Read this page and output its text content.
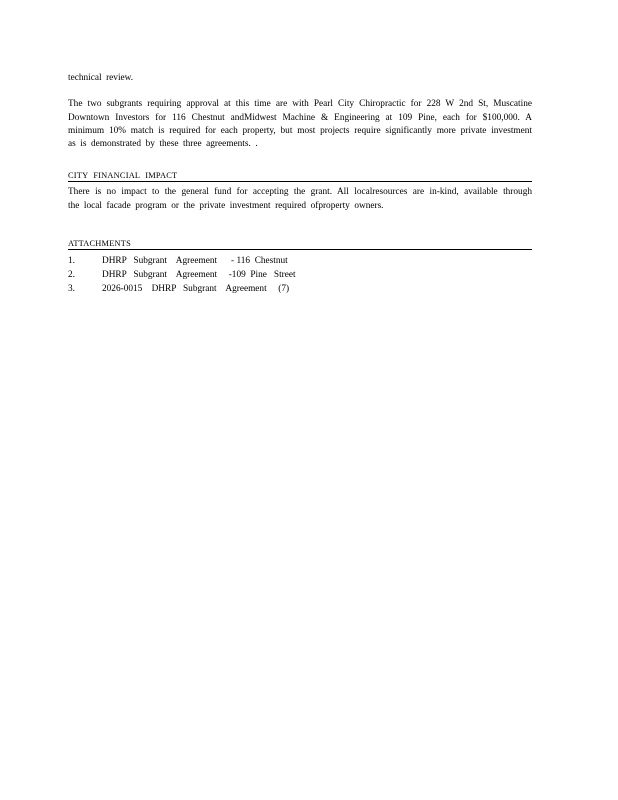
technical review.

The two subgrants requiring approval at this time are with Pearl City Chiropractic for 228 W 2nd St, Muscatine Downtown Investors for 116 Chestnut andMidwest Machine & Engineering at 109 Pine, each for $100,000. A minimum 10% match is required for each property, but most projects require significantly more private investment as is demonstrated by these three agreements. .

CITY FINANCIAL IMPACT

There is no impact to the general fund for accepting the grant. All localresources are in-kind, available through the local facade program or the private investment required ofproperty owners.

ATTACHMENTS

1.	DHRP   Subgrant    Agreement      - 116  Chestnut
2.	DHRP   Subgrant    Agreement     -109  Pine   Street
3.	2026-0015    DHRP   Subgrant    Agreement     (7)
